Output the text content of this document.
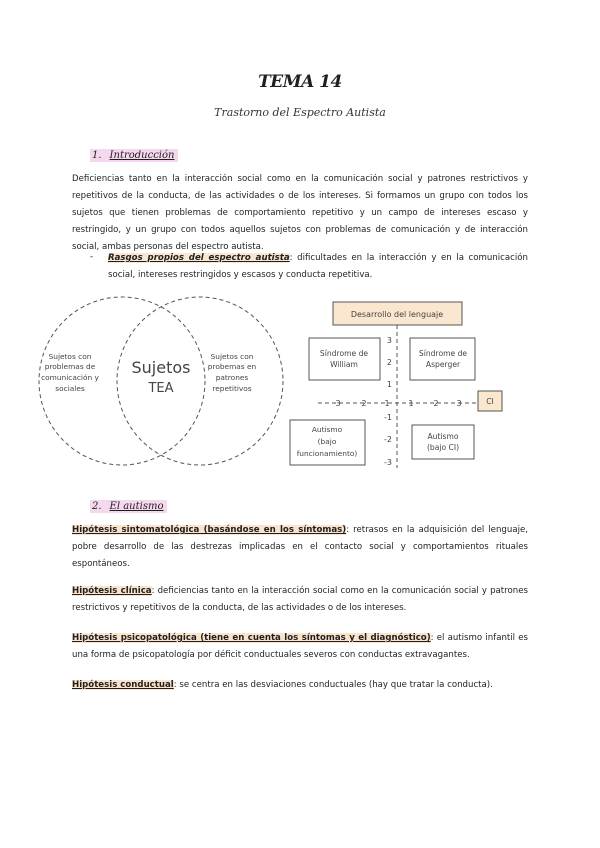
TEMA 14
Trastorno del Espectro Autista
1. Introducción

Deficiencias tanto en la interacción social como en la comunicación social y patrones restrictivos y repetitivos de la conducta, de las actividades o de los intereses. Si formamos un grupo con todos los sujetos que tienen problemas de comportamiento repetitivo y un campo de intereses escaso y restringido, y un grupo con todos aquellos sujetos con problemas de comunicación y de interacción social, ambas personas del espectro autista.

- Rasgos propios del espectro autista: dificultades en la interacción y en la comunicación social, intereses restringidos y escasos y conducta repetitiva.

Sujetos con
problemas de
comunicación y
sociales
Sujetos
TEA
Sujetos con
probemas en
patrones
repetitivos
Desarrollo del lenguaje
CI
Síndrome de
William
Síndrome de
Asperger
Autismo
(bajo
funcionamiento)
Autismo
(bajo CI)
3
2
1
-1
-2
-3
3	2 1 1 2 3
2. El autismo

Hipótesis sintomatológica (basándose en los síntomas): retrasos en la adquisición del lenguaje, pobre desarrollo de las destrezas implicadas en el contacto social y comportamientos rituales espontáneos.

Hipótesis clínica: deficiencias tanto en la interacción social como en la comunicación social y patrones restrictivos y repetitivos de la conducta, de las actividades o de los intereses.

Hipótesis psicopatológica (tiene en cuenta los síntomas y el diagnóstico): el autismo infantil es una forma de psicopatología por déficit conductuales severos con conductas extravagantes.

Hipótesis conductual: se centra en las desviaciones conductuales (hay que tratar la conducta).
